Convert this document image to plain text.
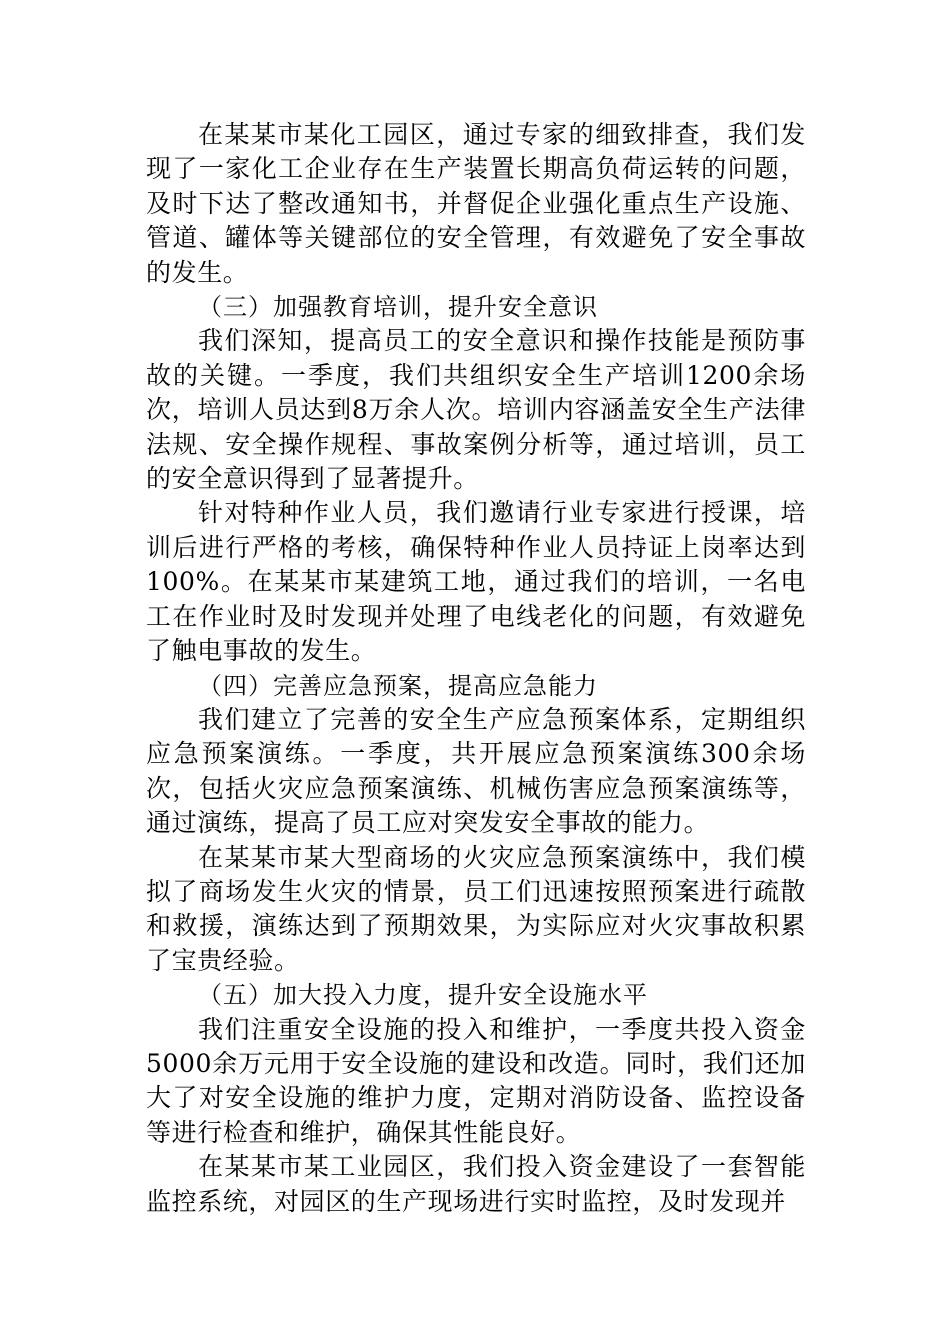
在某某市某化工园区，通过专家的细致排查，我们发现了一家化工企业存在生产装置长期高负荷运转的问题，及时下达了整改通知书，并督促企业强化重点生产设施、管道、罐体等关键部位的安全管理，有效避免了安全事故的发生。

（三）加强教育培训，提升安全意识

我们深知，提高员工的安全意识和操作技能是预防事故的关键。一季度，我们共组织安全生产培训1200余场次，培训人员达到8万余人次。培训内容涵盖安全生产法律法规、安全操作规程、事故案例分析等，通过培训，员工的安全意识得到了显著提升。

针对特种作业人员，我们邀请行业专家进行授课，培训后进行严格的考核，确保特种作业人员持证上岗率达到100%。在某某市某建筑工地，通过我们的培训，一名电工在作业时及时发现并处理了电线老化的问题，有效避免了触电事故的发生。

（四）完善应急预案，提高应急能力

我们建立了完善的安全生产应急预案体系，定期组织应急预案演练。一季度，共开展应急预案演练300余场次，包括火灾应急预案演练、机械伤害应急预案演练等，通过演练，提高了员工应对突发安全事故的能力。

在某某市某大型商场的火灾应急预案演练中，我们模拟了商场发生火灾的情景，员工们迅速按照预案进行疏散和救援，演练达到了预期效果，为实际应对火灾事故积累了宝贵经验。

（五）加大投入力度，提升安全设施水平

我们注重安全设施的投入和维护，一季度共投入资金5000余万元用于安全设施的建设和改造。同时，我们还加大了对安全设施的维护力度，定期对消防设备、监控设备等进行检查和维护，确保其性能良好。

在某某市某工业园区，我们投入资金建设了一套智能监控系统，对园区的生产现场进行实时监控，及时发现并
